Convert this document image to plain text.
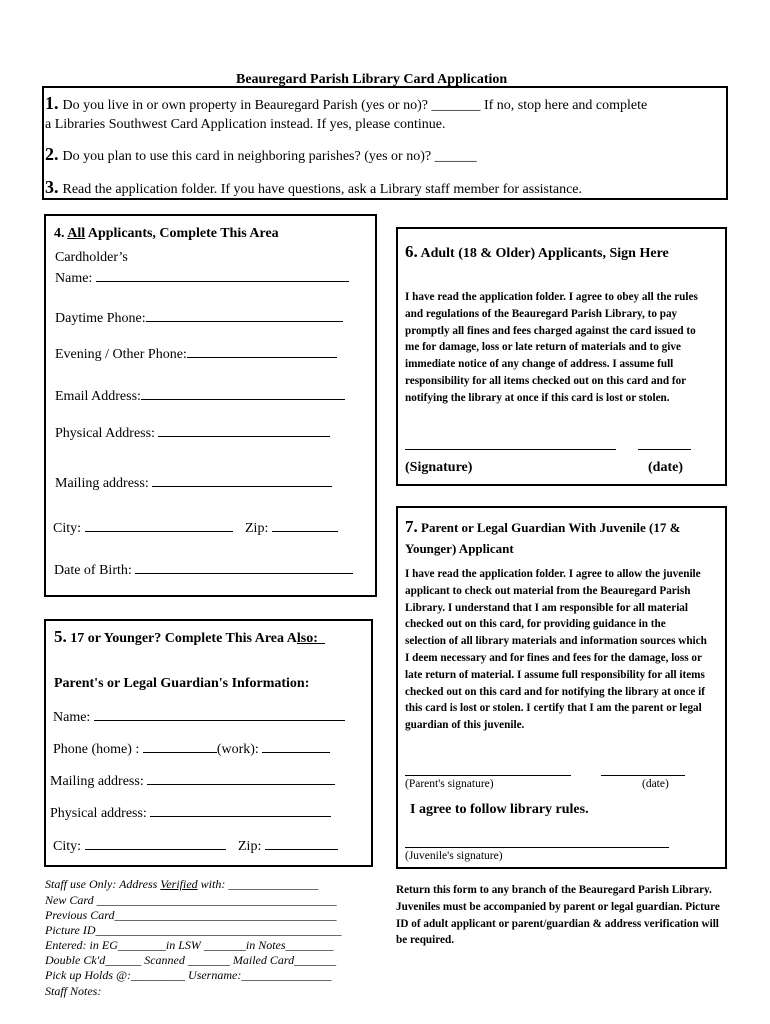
Beauregard Parish Library Card Application
1. Do you live in or own property in Beauregard Parish (yes or no)? _______ If no, stop here and complete
a Libraries Southwest Card Application instead. If yes, please continue.
2. Do you plan to use this card in neighboring parishes? (yes or no)? ______
3. Read the application folder. If you have questions, ask a Library staff member for assistance.
4. All Applicants, Complete This Area
Cardholder’s
Name:
Daytime Phone:
Evening / Other Phone:
Email Address:
Physical Address:
Mailing address:
City:	Zip:
Date of Birth:
5. 17 or Younger? Complete This Area Also:_
Parent's or Legal Guardian's Information:
Name:
Phone (home) :	(work):
Mailing address:
Physical address:
City:	Zip:
6. Adult (18 & Older) Applicants, Sign Here
I have read the application folder. I agree to obey all the rules and regulations of the Beauregard Parish Library, to pay promptly all fines and fees charged against the card issued to me for damage, loss or late return of materials and to give immediate notice of any change of address. I assume full responsibility for all items checked out on this card and for notifying the library at once if this card is lost or stolen.
(Signature)	(date)
7. Parent or Legal Guardian With Juvenile (17 &
Younger) Applicant
I have read the application folder. I agree to allow the juvenile applicant to check out material from the Beauregard Parish Library. I understand that I am responsible for all material checked out on this card, for providing guidance in the selection of all library materials and information sources which I deem necessary and for fines and fees for the damage, loss or late return of material. I assume full responsibility for all items checked out on this card and for notifying the library at once if this card is lost or stolen. I certify that I am the parent or legal guardian of this juvenile.
(Parent's signature)	(date)
I agree to follow library rules.
(Juvenile's signature)
Staff use Only: Address Verified with: _______________
New Card ________________________________________
Previous Card_____________________________________
Picture ID_________________________________________
Entered: in EG________in LSW _______in Notes________
Double Ck'd______ Scanned _______ Mailed Card_______
Pick up Holds @:_________ Username:_______________
Staff Notes:
Return this form to any branch of the Beauregard Parish Library. Juveniles must be accompanied by parent or legal guardian. Picture ID of adult applicant or parent/guardian & address verification will be required.
